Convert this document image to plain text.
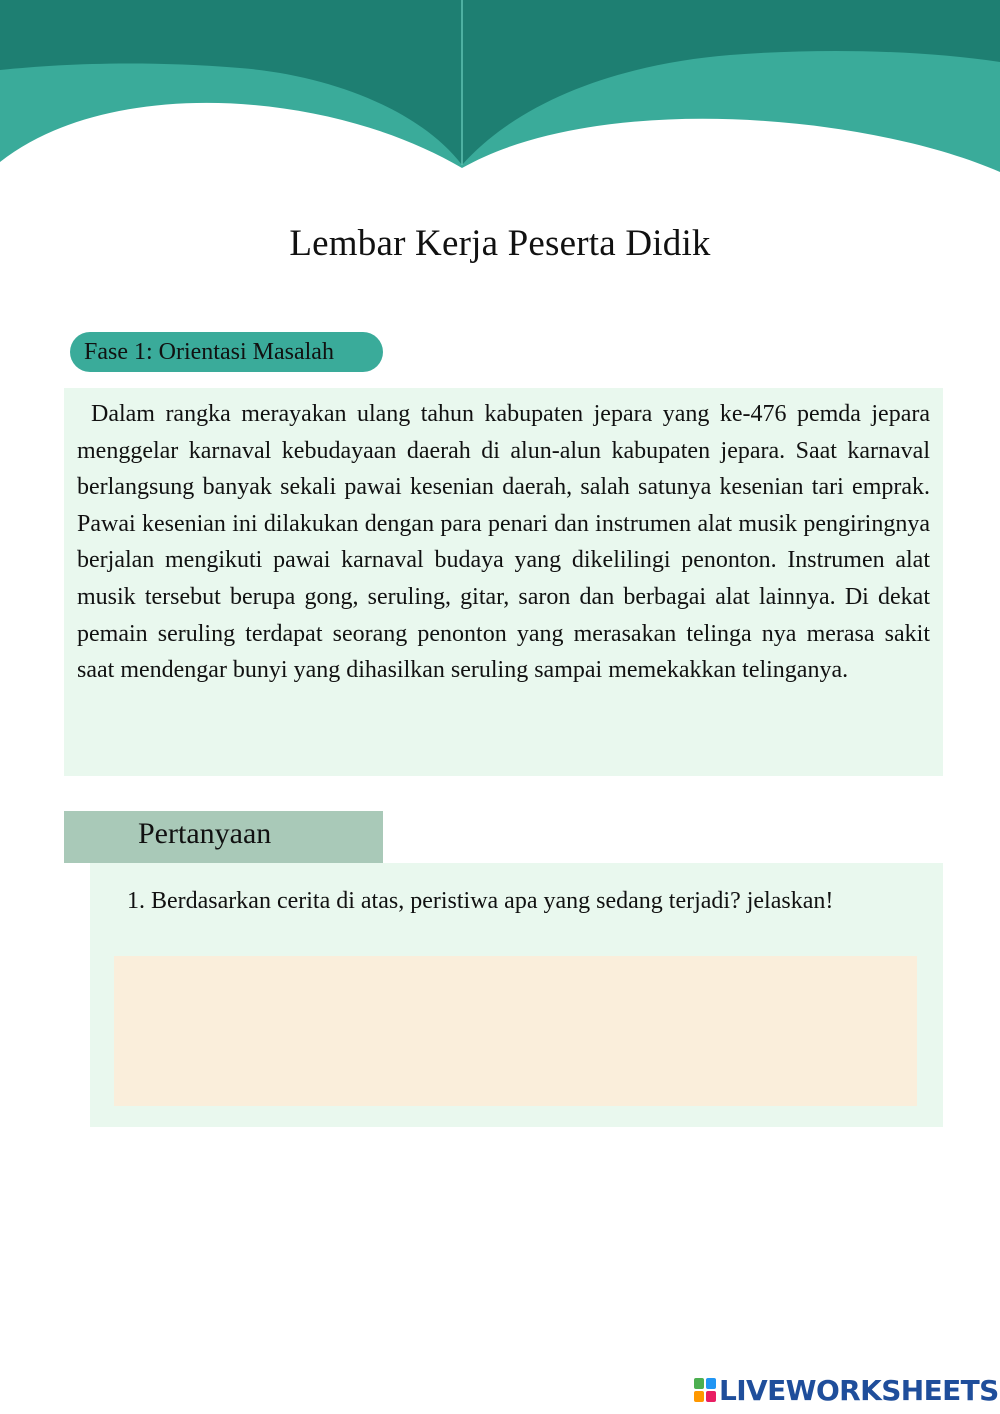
Lembar Kerja Peserta Didik
Fase 1: Orientasi Masalah

Dalam rangka merayakan ulang tahun kabupaten jepara yang ke-476 pemda jepara menggelar karnaval kebudayaan daerah di alun-alun kabupaten jepara. Saat karnaval berlangsung banyak sekali pawai kesenian daerah, salah satunya kesenian tari emprak. Pawai kesenian ini dilakukan dengan para penari dan instrumen alat musik pengiringnya berjalan mengikuti pawai karnaval budaya yang dikelilingi penonton. Instrumen alat musik tersebut berupa gong, seruling, gitar, saron dan berbagai alat lainnya. Di dekat pemain seruling terdapat seorang penonton yang merasakan telinga nya merasa sakit saat mendengar bunyi yang dihasilkan seruling sampai memekakkan telinganya.

Pertanyaan

1. Berdasarkan cerita di atas, peristiwa apa yang sedang terjadi? jelaskan!

LIVEWORKSHEETS
